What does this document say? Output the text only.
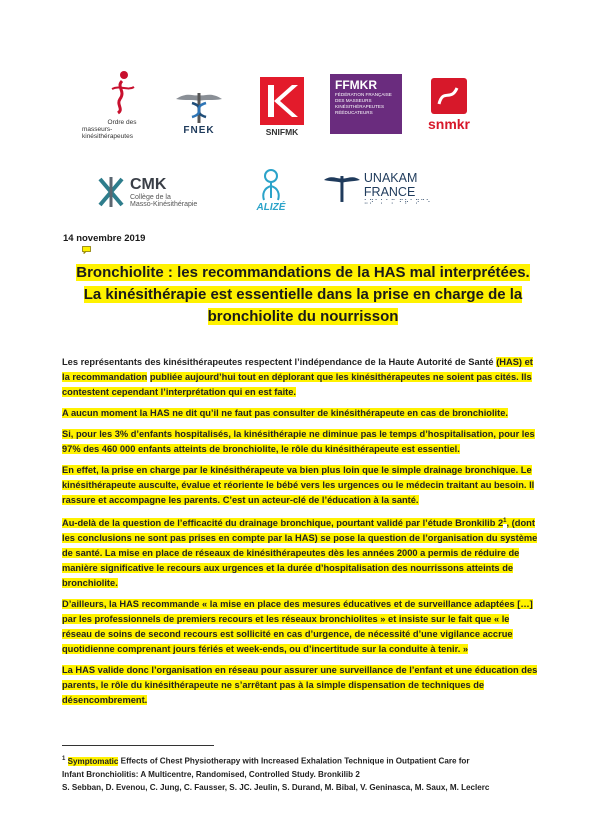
Ordre des
masseurs-kinésithérapeutes
FNEK	SNIFMK
FFMKR
FÉDÉRATION FRANÇAISE
DES MASSEURS
KINÉSITHÉRAPEUTES
RÉÉDUCATEURS
snmkr
CMK
Collège de la
Masso-Kinésithérapie	ALIZÉ
UNAKAM FRANCE
⠥⠝⠁⠅⠁⠍ ⠋⠗⠁⠝⠉⠑
14 novembre 2019
Bronchiolite : les recommandations de la HAS mal interprétées.
La kinésithérapie est essentielle dans la prise en charge de la
bronchiolite du nourrisson

Les représentants des kinésithérapeutes respectent l’indépendance de la Haute Autorité de Santé (HAS) et la recommandation publiée aujourd’hui tout en déplorant que les kinésithérapeutes ne soient pas cités. Ils contestent cependant l’interprétation qui en est faite.

A aucun moment la HAS ne dit qu’il ne faut pas consulter de kinésithérapeute en cas de bronchiolite.

Si, pour les 3% d’enfants hospitalisés, la kinésithérapie ne diminue pas le temps d’hospitalisation, pour les 97% des 460 000 enfants atteints de bronchiolite, le rôle du kinésithérapeute est essentiel.

En effet, la prise en charge par le kinésithérapeute va bien plus loin que le simple drainage bronchique. Le kinésithérapeute ausculte, évalue et réoriente le bébé vers les urgences ou le médecin traitant au besoin. Il rassure et accompagne les parents. C’est un acteur-clé de l’éducation à la santé.

Au-delà de la question de l’efficacité du drainage bronchique, pourtant validé par l’étude Bronkilib $2^1$, (dont les conclusions ne sont pas prises en compte par la HAS) se pose la question de l’organisation du système de santé. La mise en place de réseaux de kinésithérapeutes dès les années 2000 a permis de réduire de manière significative le recours aux urgences et la durée d’hospitalisation des nourrissons atteints de bronchiolite.

D’ailleurs, la HAS recommande « la mise en place des mesures éducatives et de surveillance adaptées […] par les professionnels de premiers recours et les réseaux bronchiolites » et insiste sur le fait que « le réseau de soins de second recours est sollicité en cas d’urgence, de nécessité d’une vigilance accrue quotidienne comprenant jours fériés et week-ends, ou d’incertitude sur la conduite à tenir. »

La HAS valide donc l’organisation en réseau pour assurer une surveillance de l’enfant et une éducation des parents, le rôle du kinésithérapeute ne s’arrêtant pas à la simple dispensation de techniques de désencombrement.

$^1$ Symptomatic Effects of Chest Physiotherapy with Increased Exhalation Technique in Outpatient Care for
Infant Bronchiolitis: A Multicentre, Randomised, Controlled Study. Bronkilib 2
S. Sebban, D. Evenou, C. Jung, C. Fausser, S. JC. Jeulin, S. Durand, M. Bibal, V. Geninasca, M. Saux, M. Leclerc
